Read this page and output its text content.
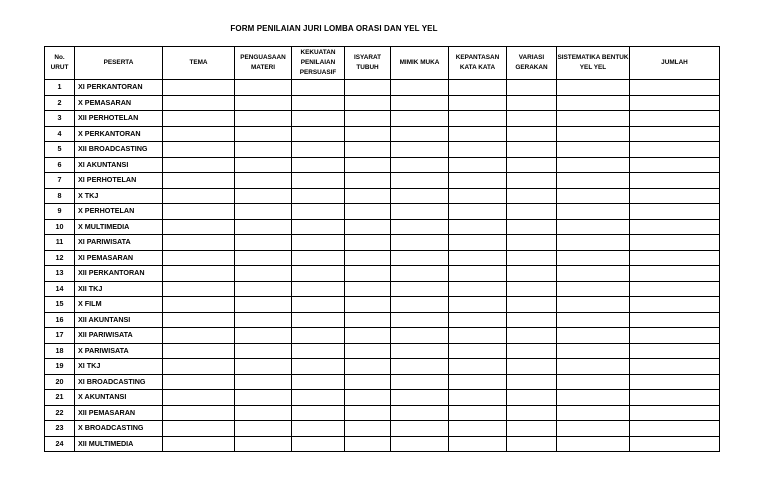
FORM PENILAIAN JURI LOMBA ORASI DAN YEL YEL
No. URUT	PESERTA	TEMA	PENGUASAAN MATERI	KEKUATAN PENILAIAN PERSUASIF	ISYARAT TUBUH	MIMIK MUKA	KEPANTASAN KATA KATA	VARIASI GERAKAN	SISTEMATIKA BENTUK YEL YEL	JUMLAH
1	XI PERKANTORAN									
2	X PEMASARAN									
3	XII PERHOTELAN									
4	X PERKANTORAN									
5	XII BROADCASTING									
6	XI AKUNTANSI									
7	XI PERHOTELAN									
8	X TKJ									
9	X PERHOTELAN									
10	X MULTIMEDIA									
11	XI PARIWISATA									
12	XI PEMASARAN									
13	XII PERKANTORAN									
14	XII TKJ									
15	X FILM									
16	XII AKUNTANSI									
17	XII PARIWISATA									
18	X PARIWISATA									
19	XI TKJ									
20	XI BROADCASTING									
21	X AKUNTANSI									
22	XII PEMASARAN									
23	X BROADCASTING									
24	XII MULTIMEDIA									
